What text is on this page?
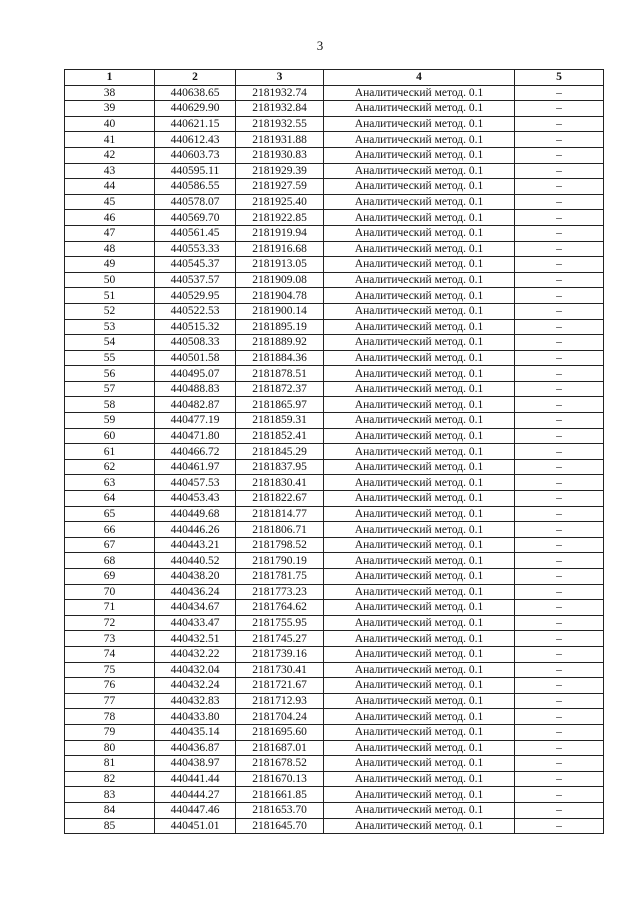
3
1	2	3	4	5
38	440638.65	2181932.74	Аналитический метод. 0.1	–
39	440629.90	2181932.84	Аналитический метод. 0.1	–
40	440621.15	2181932.55	Аналитический метод. 0.1	–
41	440612.43	2181931.88	Аналитический метод. 0.1	–
42	440603.73	2181930.83	Аналитический метод. 0.1	–
43	440595.11	2181929.39	Аналитический метод. 0.1	–
44	440586.55	2181927.59	Аналитический метод. 0.1	–
45	440578.07	2181925.40	Аналитический метод. 0.1	–
46	440569.70	2181922.85	Аналитический метод. 0.1	–
47	440561.45	2181919.94	Аналитический метод. 0.1	–
48	440553.33	2181916.68	Аналитический метод. 0.1	–
49	440545.37	2181913.05	Аналитический метод. 0.1	–
50	440537.57	2181909.08	Аналитический метод. 0.1	–
51	440529.95	2181904.78	Аналитический метод. 0.1	–
52	440522.53	2181900.14	Аналитический метод. 0.1	–
53	440515.32	2181895.19	Аналитический метод. 0.1	–
54	440508.33	2181889.92	Аналитический метод. 0.1	–
55	440501.58	2181884.36	Аналитический метод. 0.1	–
56	440495.07	2181878.51	Аналитический метод. 0.1	–
57	440488.83	2181872.37	Аналитический метод. 0.1	–
58	440482.87	2181865.97	Аналитический метод. 0.1	–
59	440477.19	2181859.31	Аналитический метод. 0.1	–
60	440471.80	2181852.41	Аналитический метод. 0.1	–
61	440466.72	2181845.29	Аналитический метод. 0.1	–
62	440461.97	2181837.95	Аналитический метод. 0.1	–
63	440457.53	2181830.41	Аналитический метод. 0.1	–
64	440453.43	2181822.67	Аналитический метод. 0.1	–
65	440449.68	2181814.77	Аналитический метод. 0.1	–
66	440446.26	2181806.71	Аналитический метод. 0.1	–
67	440443.21	2181798.52	Аналитический метод. 0.1	–
68	440440.52	2181790.19	Аналитический метод. 0.1	–
69	440438.20	2181781.75	Аналитический метод. 0.1	–
70	440436.24	2181773.23	Аналитический метод. 0.1	–
71	440434.67	2181764.62	Аналитический метод. 0.1	–
72	440433.47	2181755.95	Аналитический метод. 0.1	–
73	440432.51	2181745.27	Аналитический метод. 0.1	–
74	440432.22	2181739.16	Аналитический метод. 0.1	–
75	440432.04	2181730.41	Аналитический метод. 0.1	–
76	440432.24	2181721.67	Аналитический метод. 0.1	–
77	440432.83	2181712.93	Аналитический метод. 0.1	–
78	440433.80	2181704.24	Аналитический метод. 0.1	–
79	440435.14	2181695.60	Аналитический метод. 0.1	–
80	440436.87	2181687.01	Аналитический метод. 0.1	–
81	440438.97	2181678.52	Аналитический метод. 0.1	–
82	440441.44	2181670.13	Аналитический метод. 0.1	–
83	440444.27	2181661.85	Аналитический метод. 0.1	–
84	440447.46	2181653.70	Аналитический метод. 0.1	–
85	440451.01	2181645.70	Аналитический метод. 0.1	–
